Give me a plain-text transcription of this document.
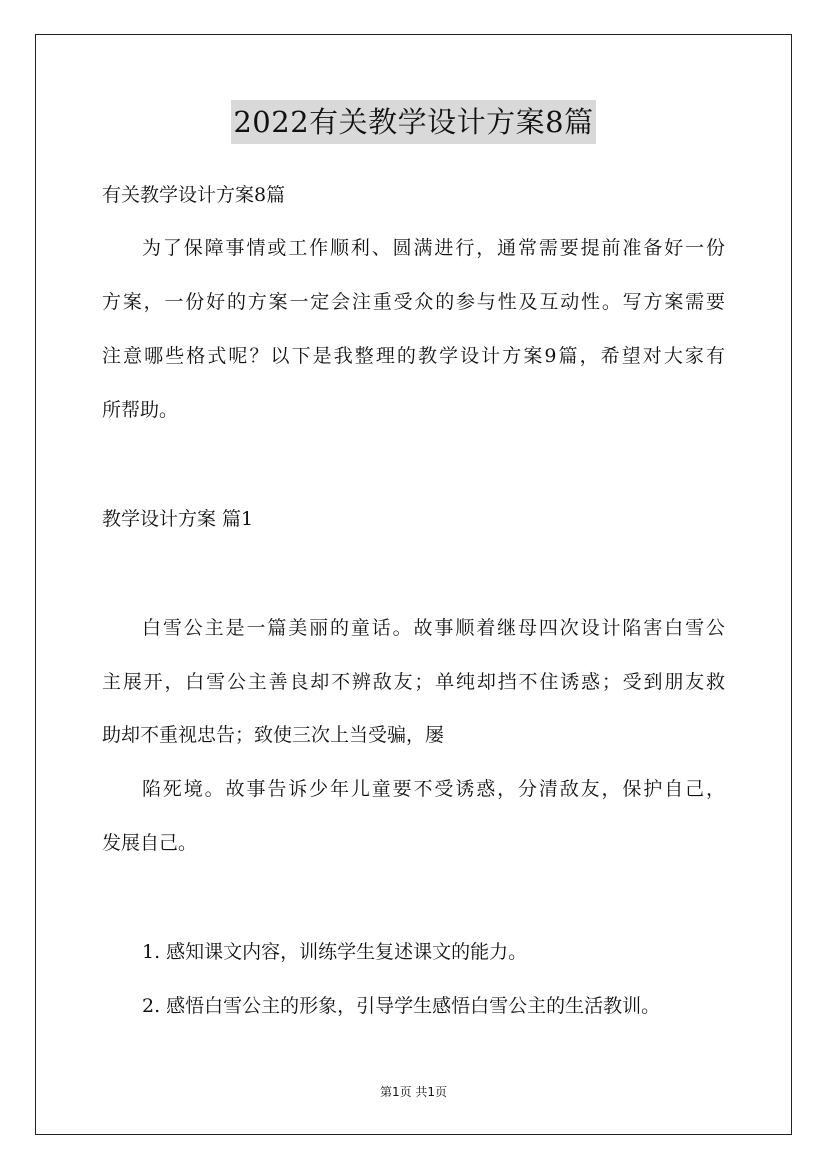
2022有关教学设计方案8篇
有关教学设计方案8篇
为了保障事情或工作顺利、圆满进行，通常需要提前准备好一份
方案，一份好的方案一定会注重受众的参与性及互动性。写方案需要
注意哪些格式呢？以下是我整理的教学设计方案9篇，希望对大家有
所帮助。
教学设计方案 篇1
白雪公主是一篇美丽的童话。故事顺着继母四次设计陷害白雪公
主展开，白雪公主善良却不辨敌友；单纯却挡不住诱惑；受到朋友救
助却不重视忠告；致使三次上当受骗，屡
陷死境。故事告诉少年儿童要不受诱惑，分清敌友，保护自己，
发展自己。
1. 感知课文内容，训练学生复述课文的能力。
2. 感悟白雪公主的形象，引导学生感悟白雪公主的生活教训。
第1页 共1页
